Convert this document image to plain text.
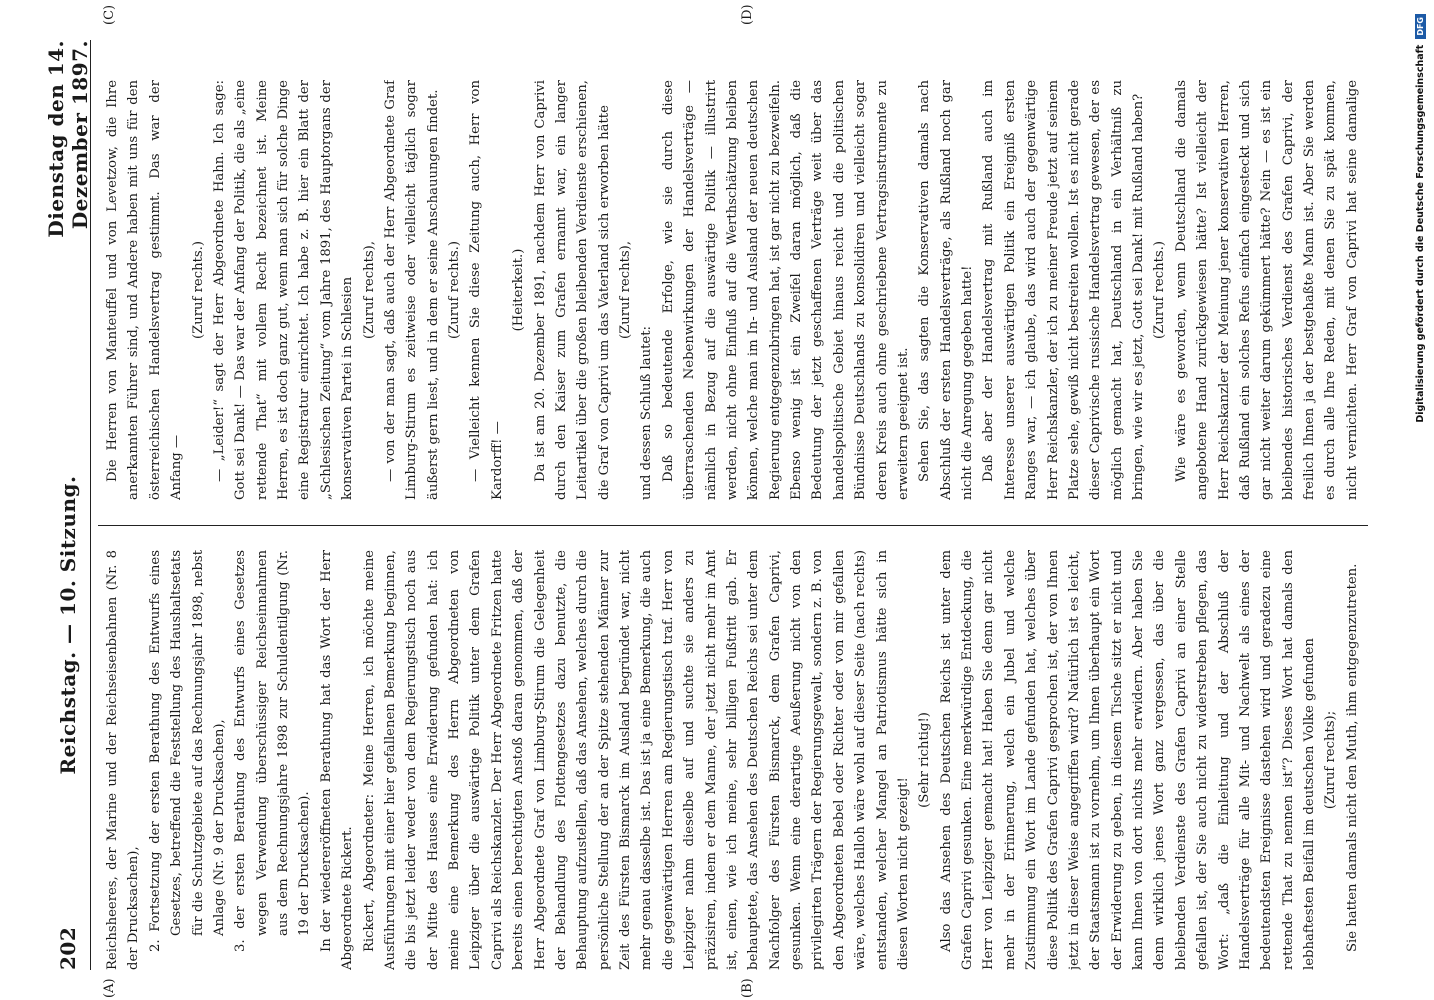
202
Reichstag. — 10. Sitzung.
Dienstag den 14. Dezember 1897.
(A)	(B)
(C)	(D)

Reichsheeres, der Marine und der Reichseisenbahnen (Nr. 8 der Drucksachen), 2. Fortsetzung der ersten Berathung des Entwurfs eines Gesetzes, betreffend die Feststellung des Haushaltsetats für die Schutzgebiete auf das Rechnungsjahr 1898, nebst Anlage (Nr. 9 der Drucksachen), 3. der ersten Berathung des Entwurfs eines Gesetzes wegen Verwendung überschüssiger Reichseinnahmen aus dem Rechnungsjahre 1898 zur Schuldentilgung (Nr. 19 der Drucksachen). In der wiedereröffneten Berathung hat das Wort der Herr Abgeordnete Rickert. Rickert, Abgeordneter: Meine Herren, ich möchte meine Ausführungen mit einer hier gefallenen Bemerkung beginnen, die bis jetzt leider weder von dem Regierungstisch noch aus der Mitte des Hauses eine Erwiderung gefunden hat: ich meine eine Bemerkung des Herrn Abgeordneten von Leipziger über die auswärtige Politik unter dem Grafen Caprivi als Reichskanzler. Der Herr Abgeordnete Fritzen hatte bereits einen berechtigten Anstoß daran genommen, daß der Herr Abgeordnete Graf von Limburg-Stirum die Gelegenheit der Behandlung des Flottengesetzes dazu benutzte, die Behauptung aufzustellen, daß das Ansehen, welches durch die persönliche Stellung der an der Spitze stehenden Männer zur Zeit des Fürsten Bismarck im Ausland begründet war, nicht mehr genau dasselbe ist. Das ist ja eine Bemerkung, die auch die gegenwärtigen Herren am Regierungstisch traf. Herr von Leipziger nahm dieselbe auf und suchte sie anders zu präzisiren, indem er dem Manne, der jetzt nicht mehr im Amt ist, einen, wie ich meine, sehr billigen Fußtritt gab. Er behauptete, das Ansehen des Deutschen Reichs sei unter dem Nachfolger des Fürsten Bismarck, dem Grafen Caprivi, gesunken. Wenn eine derartige Aeußerung nicht von den privilegirten Trägern der Regierungsgewalt, sondern z. B. von den Abgeordneten Bebel oder Richter oder von mir gefallen wäre, welches Halloh wäre wohl auf dieser Seite (nach rechts) entstanden, welcher Mangel an Patriotismus hätte sich in diesen Worten nicht gezeigt!

(Sehr richtig!) Also das Ansehen des Deutschen Reichs ist unter dem Grafen Caprivi gesunken. Eine merkwürdige Entdeckung, die Herr von Leipziger gemacht hat! Haben Sie denn gar nicht mehr in der Erinnerung, welch ein Jubel und welche Zustimmung ein Wort im Lande gefunden hat, welches über diese Politik des Grafen Caprivi gesprochen ist, der von Ihnen jetzt in dieser Weise angegriffen wird? Natürlich ist es leicht, der Staatsmann ist zu vornehm, um Ihnen überhaupt ein Wort der Erwiderung zu geben, in diesem Tische sitzt er nicht und kann Ihnen von dort nichts mehr erwidern. Aber haben Sie denn wirklich jenes Wort ganz vergessen, das über die bleibenden Verdienste des Grafen Caprivi an einer Stelle gefallen ist, der Sie auch nicht zu widerstreben pflegen, das Wort: „daß die Einleitung und der Abschluß der Handelsverträge für alle Mit- und Nachwelt als eines der bedeutendsten Ereignisse dastehen wird und geradezu eine rettende That zu nennen ist“? Dieses Wort hat damals den lebhaftesten Beifall im deutschen Volke gefunden (Zuruf rechts); Sie hatten damals nicht den Muth, ihm entgegenzutreten.

Die Herren von Manteuffel und von Levetzow, die Ihre anerkannten Führer sind, und Andere haben mit uns für den österreichischen Handelsvertrag gestimmt. Das war der Anfang —

(Zuruf rechts.) — „Leider!“ sagt der Herr Abgeordnete Hahn. Ich sage: Gott sei Dank! — Das war der Anfang der Politik, die als „eine rettende That“ mit vollem Recht bezeichnet ist. Meine Herren, es ist doch ganz gut, wenn man sich für solche Dinge eine Registratur einrichtet. Ich habe z. B. hier ein Blatt der „Schlesischen Zeitung“ vom Jahre 1891, des Hauptorgans der konservativen Partei in Schlesien (Zuruf rechts), — von der man sagt, daß auch der Herr Abgeordnete Graf Limburg-Stirum es zeitweise oder vielleicht täglich sogar äußerst gern liest, und in dem er seine Anschauungen findet. (Zuruf rechts.) — Vielleicht kennen Sie diese Zeitung auch, Herr von Kardorff! —

(Heiterkeit.) Da ist am 20. Dezember 1891, nachdem Herr von Caprivi durch den Kaiser zum Grafen ernannt war, ein langer Leitartikel über die großen bleibenden Verdienste erschienen, die Graf von Caprivi um das Vaterland sich erworben hätte (Zuruf rechts),

und dessen Schluß lautet: Daß so bedeutende Erfolge, wie sie durch diese überraschenden Nebenwirkungen der Handelsverträge — nämlich in Bezug auf die auswärtige Politik — illustrirt werden, nicht ohne Einfluß auf die Werthschätzung bleiben können, welche man im In- und Ausland der neuen deutschen Regierung entgegenzubringen hat, ist gar nicht zu bezweifeln. Ebenso wenig ist ein Zweifel daran möglich, daß die Bedeutung der jetzt geschaffenen Verträge weit über das handelspolitische Gebiet hinaus reicht und die politischen Bündnisse Deutschlands zu konsolidiren und vielleicht sogar deren Kreis auch ohne geschriebene Vertragsinstrumente zu erweitern geeignet ist. Sehen Sie, das sagten die Konservativen damals nach Abschluß der ersten Handelsverträge, als Rußland noch gar nicht die Anregung gegeben hatte! Daß aber der Handelsvertrag mit Rußland auch im Interesse unserer auswärtigen Politik ein Ereigniß ersten Ranges war, — ich glaube, das wird auch der gegenwärtige Herr Reichskanzler, der ich zu meiner Freude jetzt auf seinem Platze sehe, gewiß nicht bestreiten wollen. Ist es nicht gerade dieser Caprivische russische Handelsvertrag gewesen, der es möglich gemacht hat, Deutschland in ein Verhältniß zu bringen, wie wir es jetzt, Gott sei Dank! mit Rußland haben? (Zuruf rechts.)

Wie wäre es geworden, wenn Deutschland die damals angebotene Hand zurückgewiesen hätte? Ist vielleicht der Herr Reichskanzler der Meinung jener konservativen Herren, daß Rußland ein solches Refus einfach eingesteckt und sich gar nicht weiter darum gekümmert hätte? Nein — es ist ein bleibendes historisches Verdienst des Grafen Caprivi, der freilich Ihnen ja der bestgehaßte Mann ist. Aber Sie werden es durch alle Ihre Reden, mit denen Sie zu spät kommen, nicht vernichten. Herr Graf von Caprivi hat seine damalige	Digitalisierung gefördert durch die Deutsche Forschungsgemeinschaft
DFG
